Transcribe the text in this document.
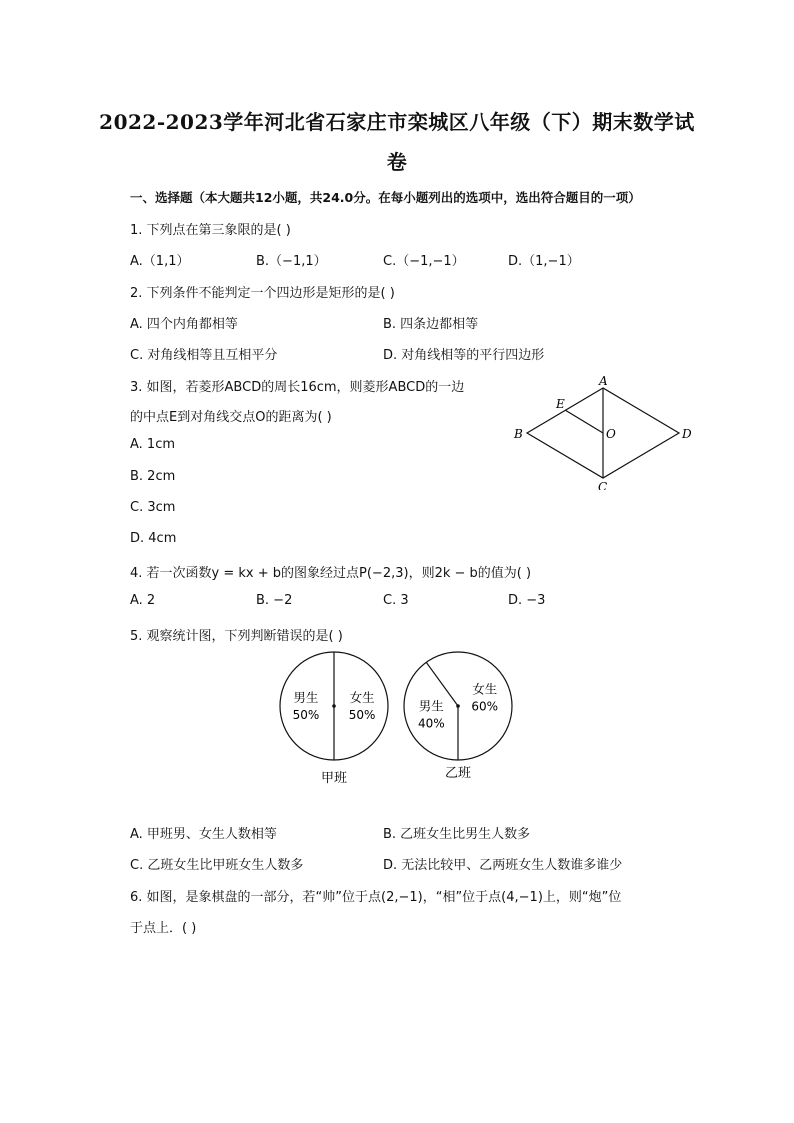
2022-2023学年河北省石家庄市栾城区八年级（下）期末数学试
卷
一、选择题（本大题共12小题，共24.0分。在每小题列出的选项中，选出符合题目的一项）
1. 下列点在第三象限的是( )
A.（1,1）	B.（−1,1）	C.（−1,−1）	D.（1,−1）
2. 下列条件不能判定一个四边形是矩形的是( )
A. 四个内角都相等	B. 四条边都相等
C. 对角线相等且互相平分	D. 对角线相等的平行四边形
3. 如图，若菱形ABCD的周长16cm，则菱形ABCD的一边
的中点E到对角线交点O的距离为( )
A. 1cm
B. 2cm
C. 3cm
D. 4cm
A
B
C
D
E
O
4. 若一次函数y = kx + b的图象经过点P(−2,3)，则2k − b的值为( )
A. 2	B. −2	C. 3	D. −3
5. 观察统计图，下列判断错误的是( )
男生
50%
女生
50%
甲班
男生
40%
女生
60%
乙班
A. 甲班男、女生人数相等	B. 乙班女生比男生人数多
C. 乙班女生比甲班女生人数多	D. 无法比较甲、乙两班女生人数谁多谁少
6. 如图，是象棋盘的一部分，若“帅”位于点(2,−1)，“相”位于点(4,−1)上，则“炮”位
于点上．( )
